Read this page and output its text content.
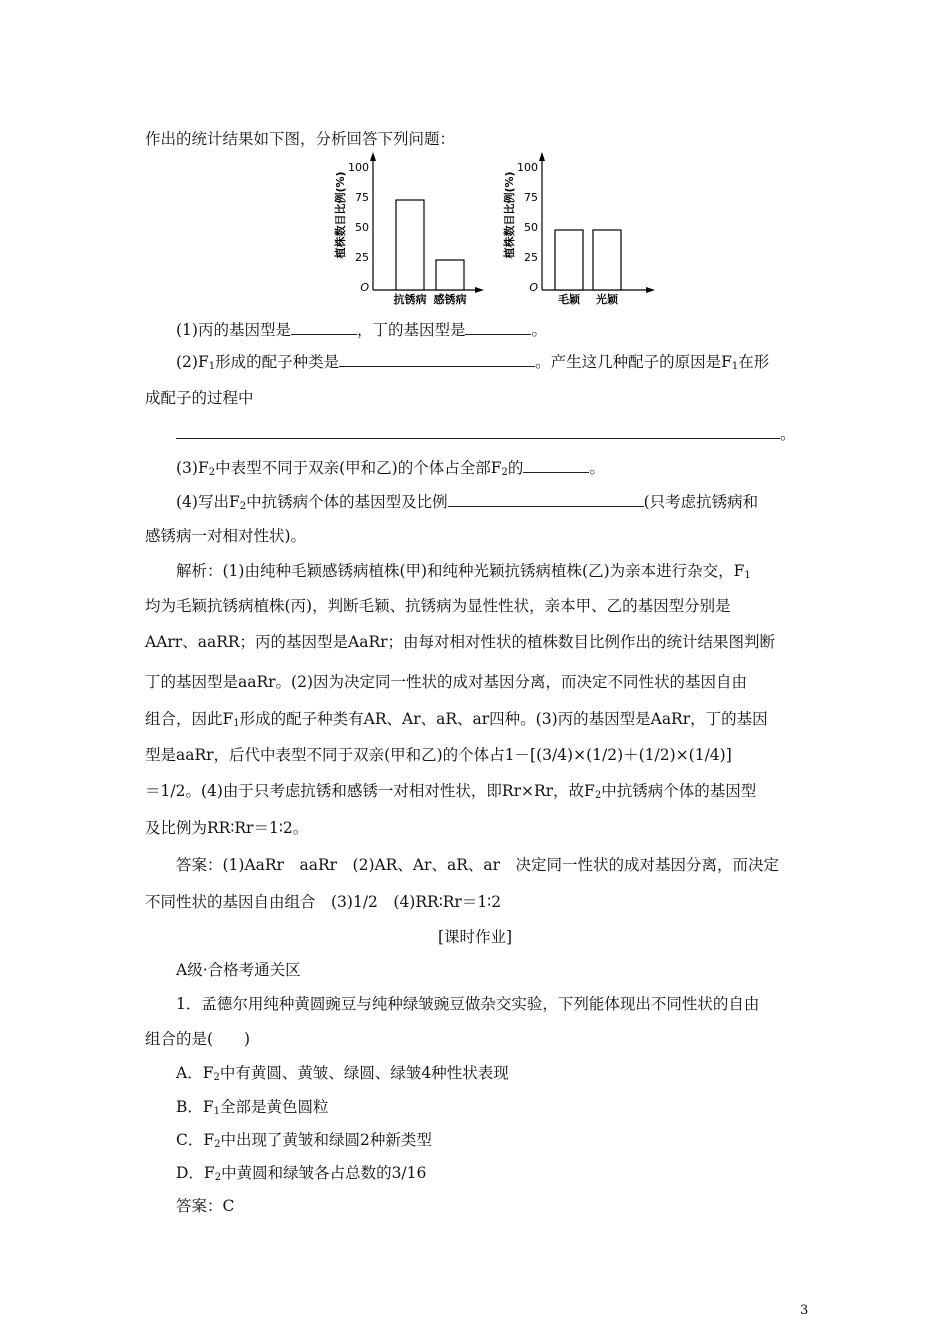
作出的统计结果如下图，分析回答下列问题：
植株数目比例(%)
100
75
50
25
O
抗锈病 感锈病
植株数目比例(%)
100
75
50
25
O
毛颖 光颖
(1)丙的基因型是	，丁的基因型是	。
$(2)F_1$形成的配子种类是	。产生这几种配子的原因是$F_1$在形
成配子的过程中
。
$(3)F_2$中表型不同于双亲(甲和乙)的个体占全部$F_2$的	。
(4)写出$F_2$中抗锈病个体的基因型及比例	(只考虑抗锈病和
感锈病一对相对性状)。
解析：(1)由纯种毛颖感锈病植株(甲)和纯种光颖抗锈病植株(乙)为亲本进行杂交，$F_1$
均为毛颖抗锈病植株(丙)，判断毛颖、抗锈病为显性性状，亲本甲、乙的基因型分别是
AArr、aaRR；丙的基因型是AaRr；由每对相对性状的植株数目比例作出的统计结果图判断
丁的基因型是aaRr。(2)因为决定同一性状的成对基因分离，而决定不同性状的基因自由
组合，因此$F_1$形成的配子种类有AR、Ar、aR、ar四种。(3)丙的基因型是AaRr，丁的基因
型是aaRr，后代中表型不同于双亲(甲和乙)的个体占1－[(3/4)×(1/2)＋(1/2)×(1/4)]
＝1/2。(4)由于只考虑抗锈和感锈一对相对性状，即Rr×Rr，故$F_2$中抗锈病个体的基因型
及比例为RR∶Rr＝1∶2。
答案：(1)AaRr　aaRr　(2)AR、Ar、aR、ar　决定同一性状的成对基因分离，而决定
不同性状的基因自由组合　(3)1/2　(4)RR∶Rr＝1∶2
[课时作业]
A级·合格考通关区
1．孟德尔用纯种黄圆豌豆与纯种绿皱豌豆做杂交实验，下列能体现出不同性状的自由
组合的是(　　)
A．$F_2$中有黄圆、黄皱、绿圆、绿皱4种性状表现
B．$F_1$全部是黄色圆粒
C．$F_2$中出现了黄皱和绿圆2种新类型
D．$F_2$中黄圆和绿皱各占总数的3/16
答案：C
3
